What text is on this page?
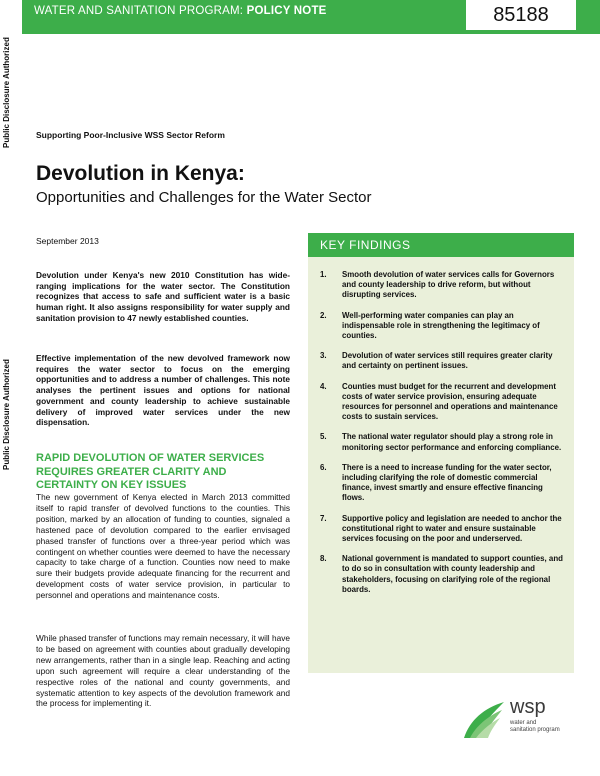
WATER AND SANITATION PROGRAM: POLICY NOTE	85188
Public Disclosure Authorized
Public Disclosure Authorized
Supporting Poor-Inclusive WSS Sector Reform
Devolution in Kenya:
Opportunities and Challenges for the Water Sector
September 2013
Devolution under Kenya's new 2010 Constitution has wide-ranging implications for the water sector. The Constitution recognizes that access to safe and sufficient water is a basic human right. It also assigns responsibility for water supply and sanitation provision to 47 newly established counties.
Effective implementation of the new devolved framework now requires the water sector to focus on the emerging opportunities and to address a number of challenges. This note analyses the pertinent issues and options for national government and county leadership to achieve sustainable delivery of improved water services under the new dispensation.
RAPID DEVOLUTION OF WATER SERVICES REQUIRES GREATER CLARITY AND CERTAINTY ON KEY ISSUES
The new government of Kenya elected in March 2013 committed itself to rapid transfer of devolved functions to the counties. This position, marked by an allocation of funding to counties, signaled a hastened pace of devolution compared to the earlier envisaged phased transfer of functions over a three-year period which was contingent on whether counties were deemed to have the necessary capacity to take charge of a function. Counties now need to make sure their budgets provide adequate financing for the recurrent and development costs of water service provision, in particular to personnel and operations and maintenance costs.
While phased transfer of functions may remain necessary, it will have to be based on agreement with counties about gradually developing new arrangements, rather than in a single leap. Reaching and acting upon such agreement will require a clear understanding of the respective roles of the national and county governments, and systematic attention to key aspects of the devolution framework and the process for implementing it.
KEY FINDINGS
1. Smooth devolution of water services calls for Governors and county leadership to drive reform, but without disrupting services.
2. Well-performing water companies can play an indispensable role in strengthening the legitimacy of counties.
3. Devolution of water services still requires greater clarity and certainty on pertinent issues.
4. Counties must budget for the recurrent and development costs of water service provision, ensuring adequate resources for personnel and operations and maintenance costs to sustain services.
5. The national water regulator should play a strong role in monitoring sector performance and enforcing compliance.
6. There is a need to increase funding for the water sector, including clarifying the role of domestic commercial finance, invest smartly and ensure effective financing flows.
7. Supportive policy and legislation are needed to anchor the constitutional right to water and ensure sustainable services focusing on the poor and underserved.
8. National government is mandated to support counties, and to do so in consultation with county leadership and stakeholders, focusing on clarifying role of the regional boards.
wsp
water and
sanitation program
